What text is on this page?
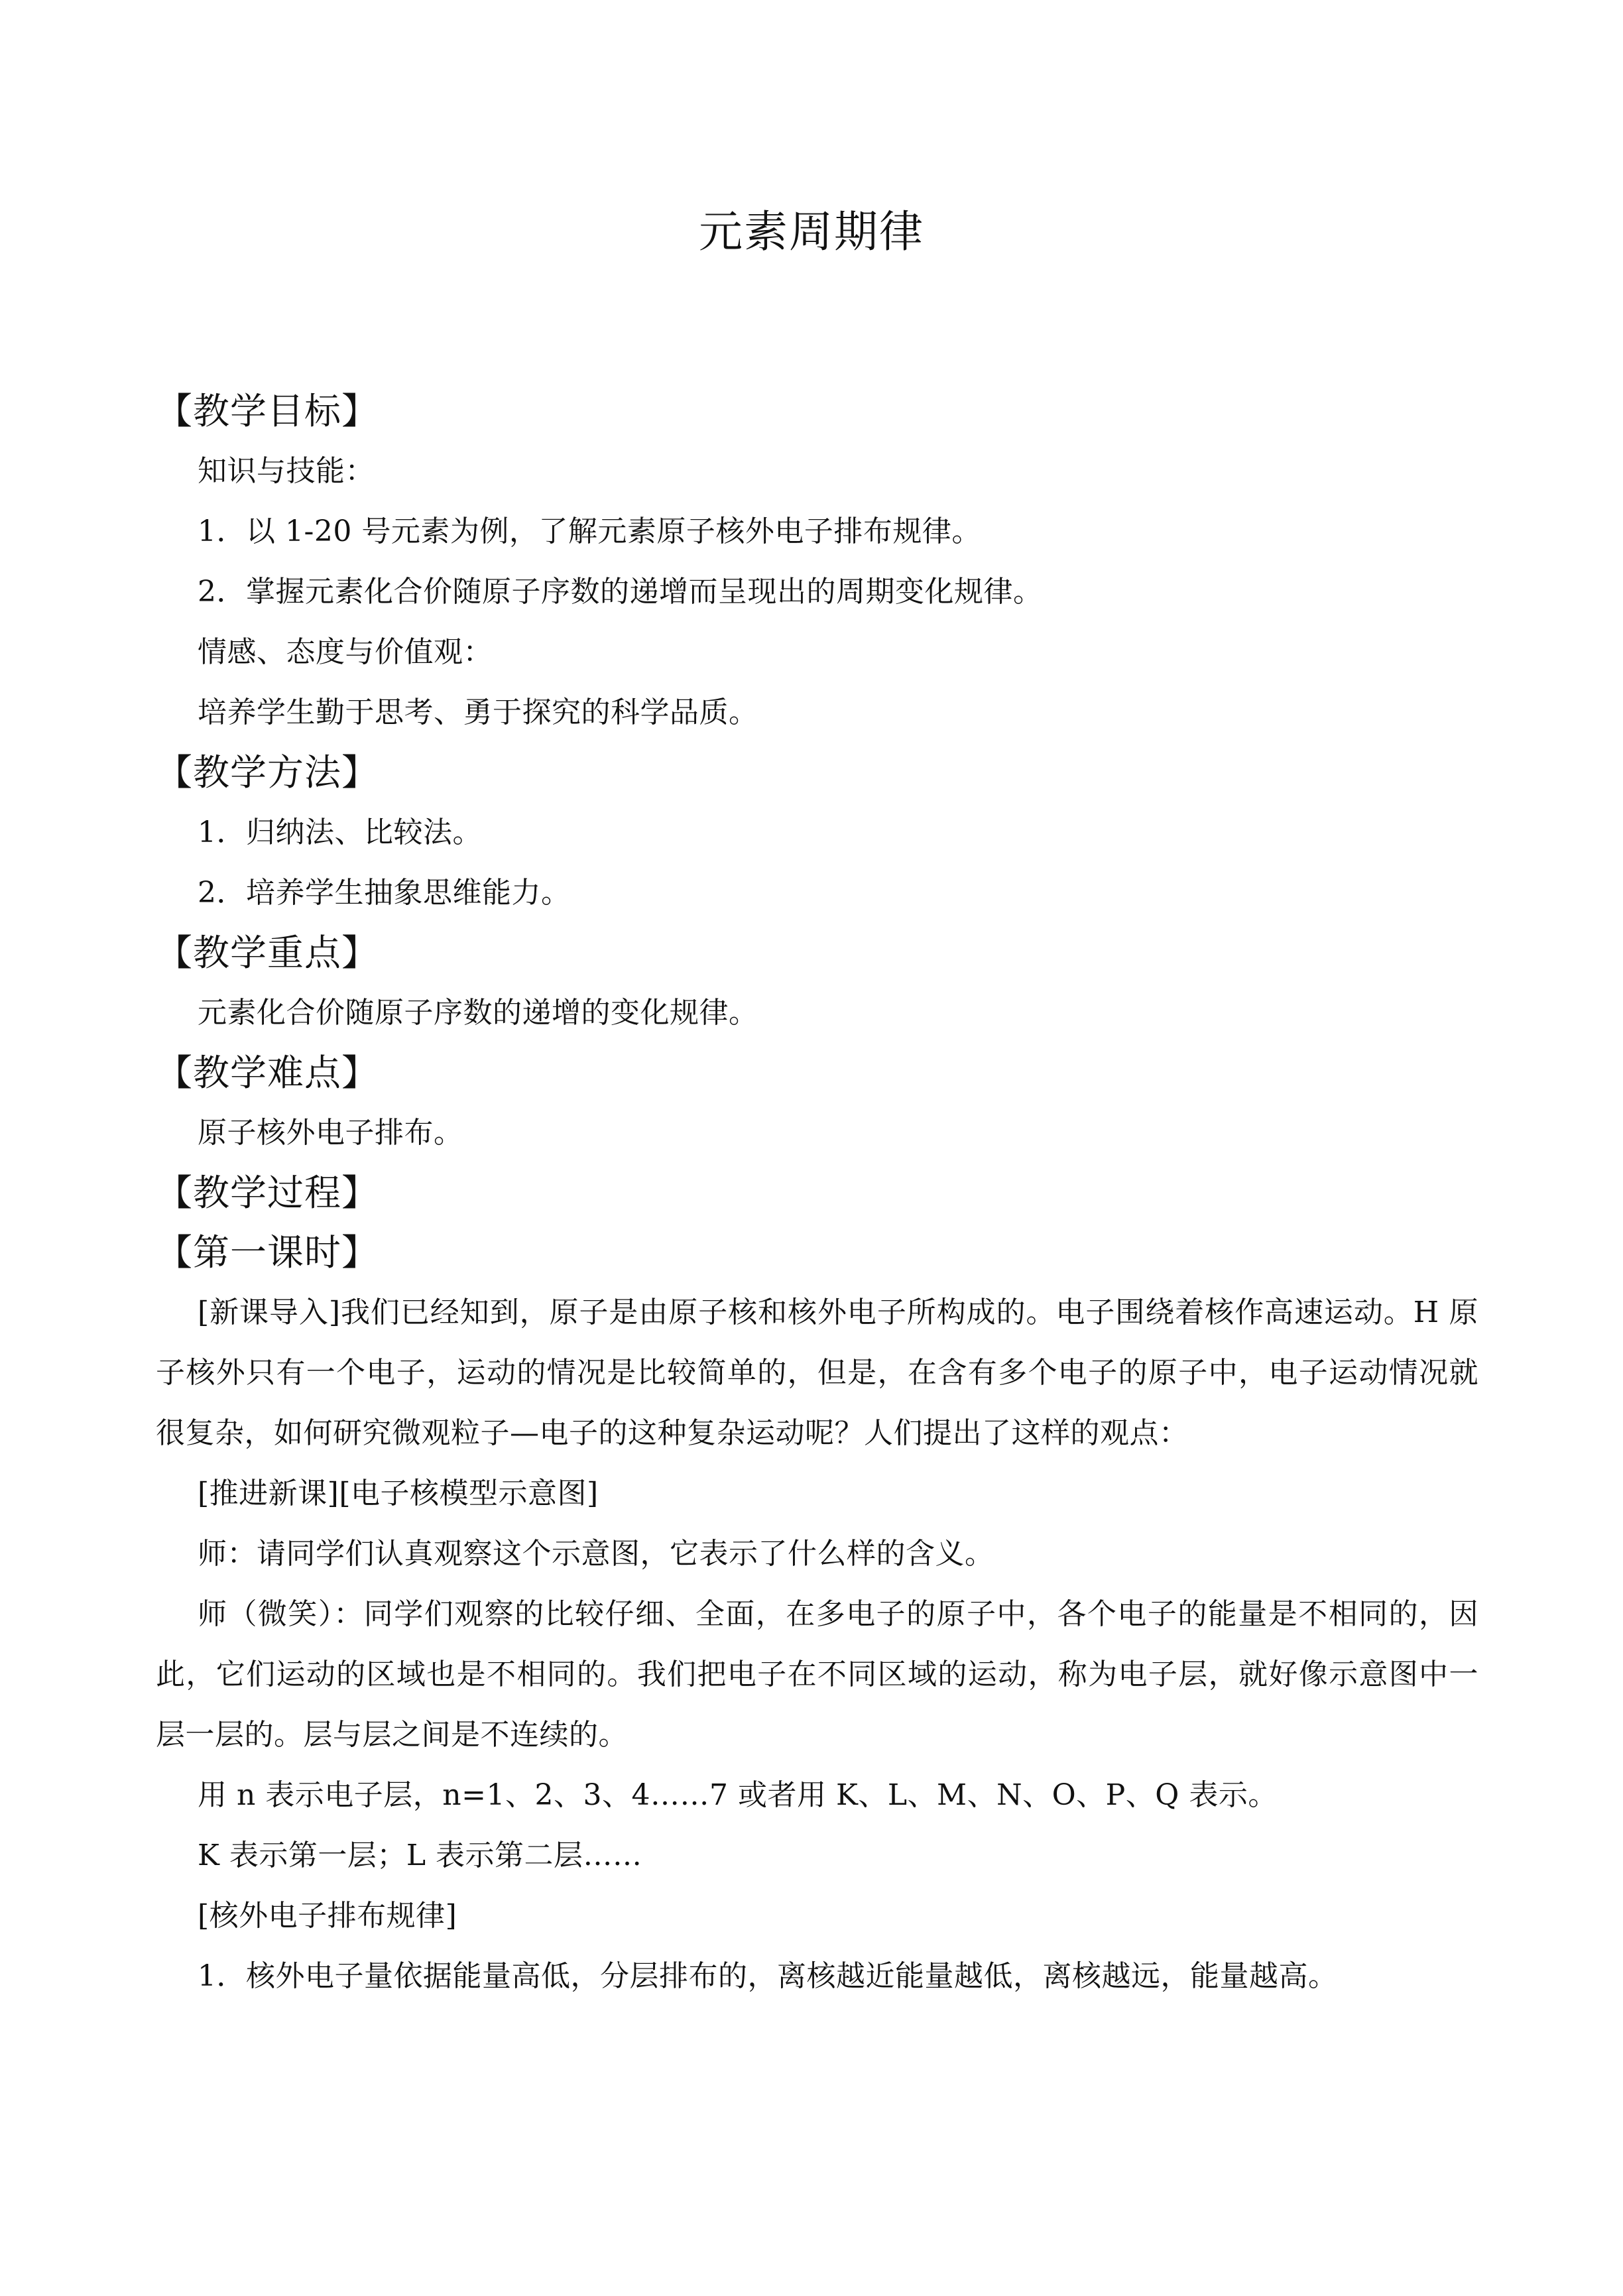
元素周期律
【教学目标】

知识与技能：

1．以 1-20 号元素为例，了解元素原子核外电子排布规律。

2．掌握元素化合价随原子序数的递增而呈现出的周期变化规律。

情感、态度与价值观：

培养学生勤于思考、勇于探究的科学品质。

【教学方法】

1．归纳法、比较法。

2．培养学生抽象思维能力。

【教学重点】

元素化合价随原子序数的递增的变化规律。

【教学难点】

原子核外电子排布。

【教学过程】
【第一课时】

[新课导入]我们已经知到，原子是由原子核和核外电子所构成的。电子围绕着核作高速运动。H 原子核外只有一个电子，运动的情况是比较简单的，但是，在含有多个电子的原子中，电子运动情况就很复杂，如何研究微观粒子—电子的这种复杂运动呢？人们提出了这样的观点：

[推进新课][电子核模型示意图]

师：请同学们认真观察这个示意图，它表示了什么样的含义。

师（微笑）：同学们观察的比较仔细、全面，在多电子的原子中，各个电子的能量是不相同的，因此，它们运动的区域也是不相同的。我们把电子在不同区域的运动，称为电子层，就好像示意图中一层一层的。层与层之间是不连续的。

用 n 表示电子层，n=1、2、3、4……7 或者用 K、L、M、N、O、P、Q 表示。

K 表示第一层；L 表示第二层……

[核外电子排布规律]

1．核外电子量依据能量高低，分层排布的，离核越近能量越低，离核越远，能量越高。
